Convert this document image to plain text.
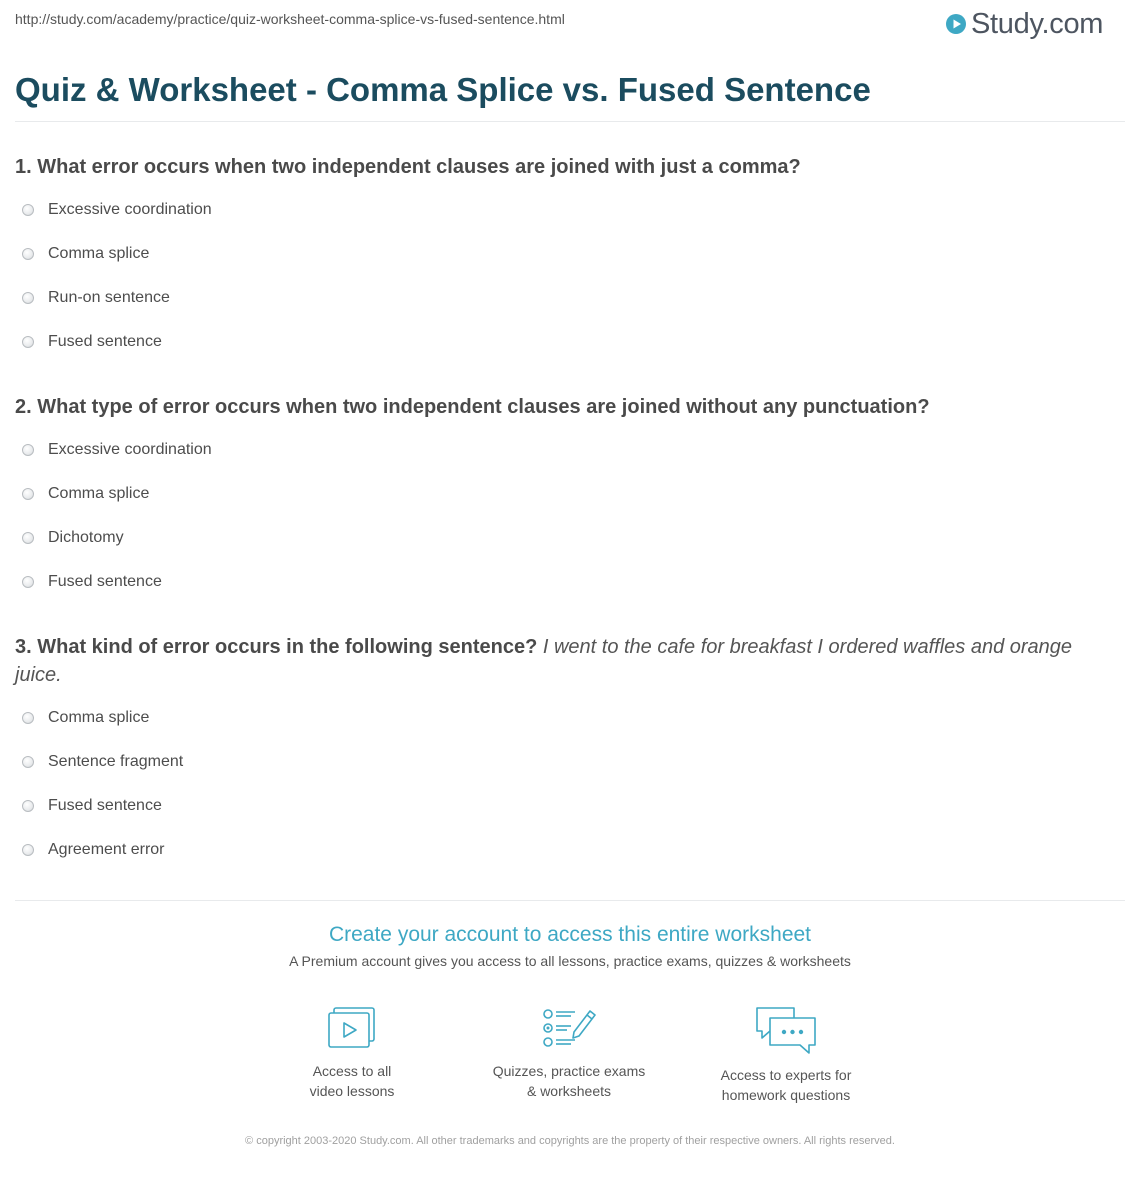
http://study.com/academy/practice/quiz-worksheet-comma-splice-vs-fused-sentence.html	Study.com
Quiz & Worksheet - Comma Splice vs. Fused Sentence
1. What error occurs when two independent clauses are joined with just a comma?
Excessive coordination
Comma splice
Run-on sentence
Fused sentence
2. What type of error occurs when two independent clauses are joined without any punctuation?
Excessive coordination
Comma splice
Dichotomy
Fused sentence
3. What kind of error occurs in the following sentence? I went to the cafe for breakfast I ordered waffles and orange juice.
Comma splice
Sentence fragment
Fused sentence
Agreement error
Create your account to access this entire worksheet
A Premium account gives you access to all lessons, practice exams, quizzes & worksheets
Access to all
video lessons
Quizzes, practice exams
& worksheets
Access to experts for
homework questions
© copyright 2003-2020 Study.com. All other trademarks and copyrights are the property of their respective owners. All rights reserved.
